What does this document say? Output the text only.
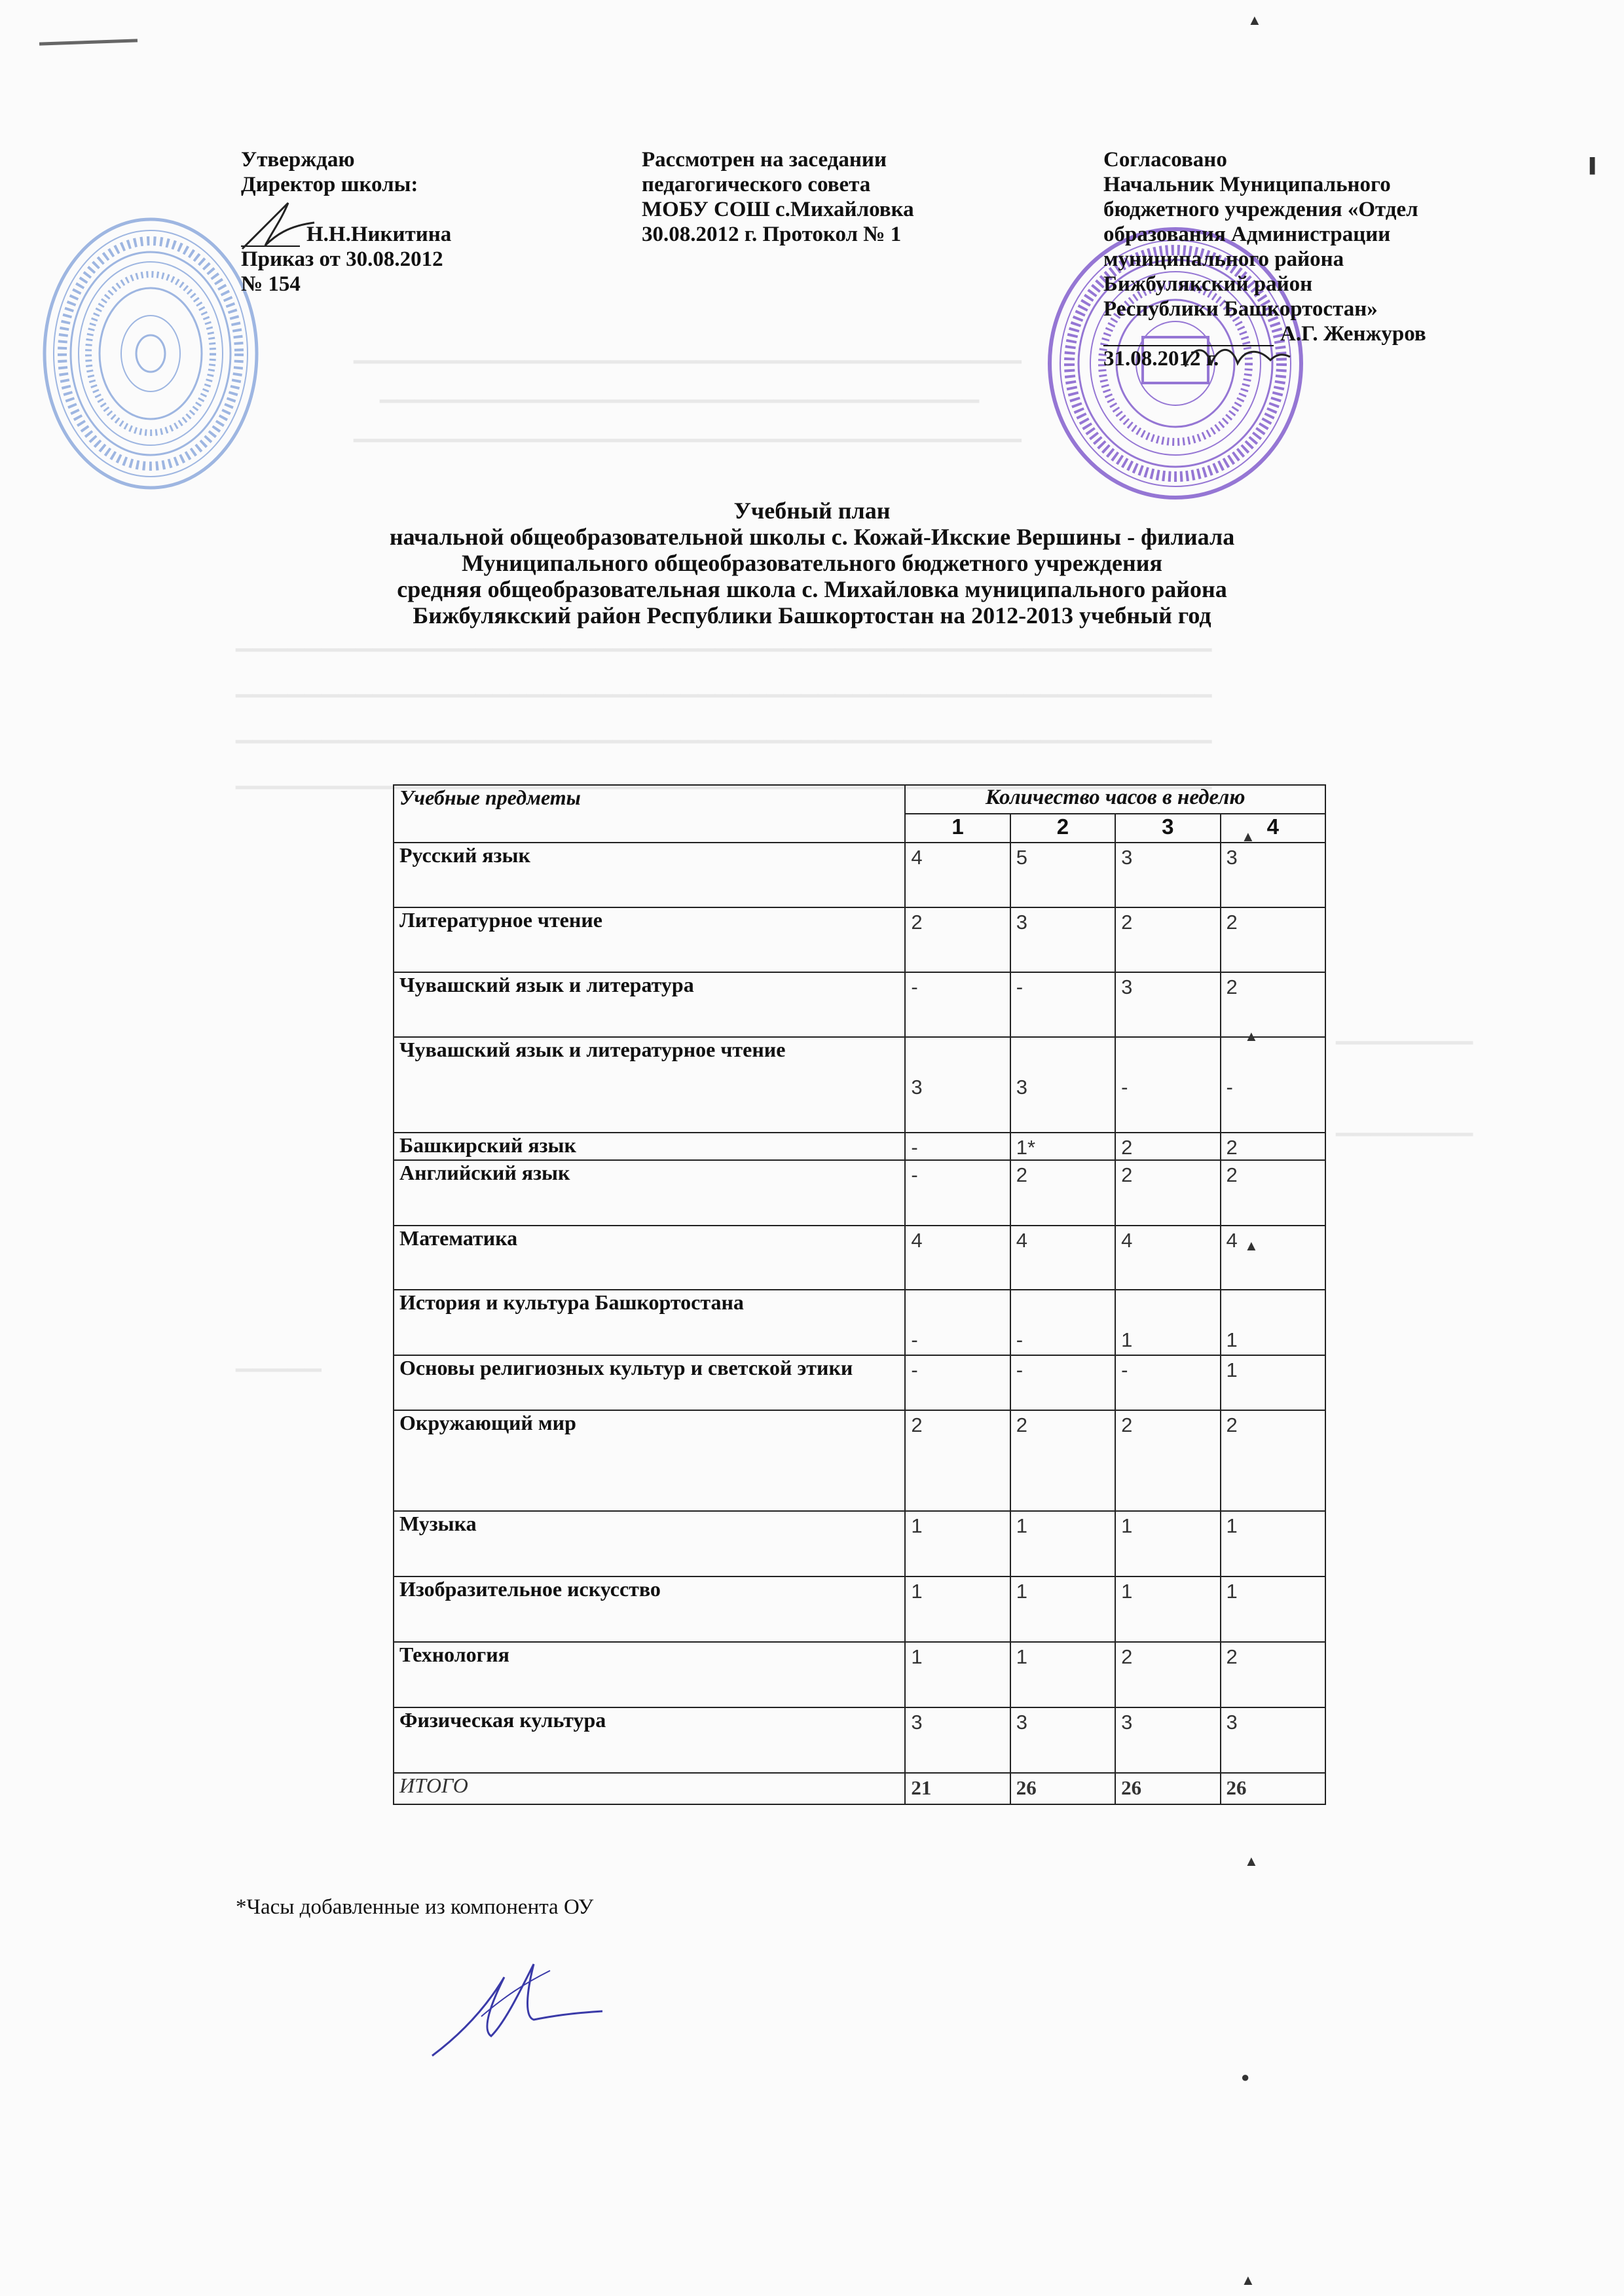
▁▁▁▁▁▁▁▁▁▁▁▁▁▁▁▁▁▁▁▁▁▁▁▁▁▁▁▁▁▁▁▁▁▁▁▁▁▁▁
▁▁▁▁▁▁▁▁▁▁▁▁▁▁▁▁▁▁▁▁▁▁▁▁▁▁▁▁▁▁▁▁▁▁▁
▁▁▁▁▁▁▁▁▁▁▁▁▁▁▁▁▁▁▁▁▁▁▁▁▁▁▁▁▁▁▁▁▁▁▁▁▁▁▁
▁▁▁▁▁▁▁▁▁▁▁▁▁▁▁▁▁▁▁▁▁▁▁▁▁▁▁▁▁▁▁▁▁▁▁▁▁▁▁▁▁▁▁▁▁▁▁▁▁▁▁▁▁▁▁▁▁
▁▁▁▁▁▁▁▁▁▁▁▁▁▁▁▁▁▁▁▁▁▁▁▁▁▁▁▁▁▁▁▁▁▁▁▁▁▁▁▁▁▁▁▁▁▁▁▁▁▁▁▁▁▁▁▁▁
▁▁▁▁▁▁▁▁▁▁▁▁▁▁▁▁▁▁▁▁▁▁▁▁▁▁▁▁▁▁▁▁▁▁▁▁▁▁▁▁▁▁▁▁▁▁▁▁▁▁▁▁▁▁▁▁▁
▁▁▁▁▁▁▁▁▁▁▁▁▁▁▁▁▁▁▁▁▁▁▁▁▁▁▁▁▁▁▁▁▁▁▁▁▁▁▁▁▁▁▁▁▁▁▁▁▁▁▁▁▁▁▁▁▁
▁▁▁▁▁▁▁▁
▁▁▁▁▁▁▁▁
▁▁▁▁▁
Утверждаю
Директор школы:
Н.Н.Никитина
Приказ от 30.08.2012
№ 154
Рассмотрен на заседании
педагогического совета
МОБУ СОШ с.Михайловка
30.08.2012 г. Протокол № 1
Согласовано
Начальник Муниципального
бюджетного учреждения «Отдел
образования Администрации
муниципального района
Бижбулякский район
Республики Башкортостан»
А.Г. Женжуров
31.08.2012 г.
Учебный план
начальной общеобразовательной школы с. Кожай-Икские Вершины - филиала
Муниципального общеобразовательного бюджетного учреждения
средняя общеобразовательная школа с. Михайловка муниципального района
Бижбулякский район Республики Башкортостан на 2012-2013 учебный год
Учебные предметы	Количество часов в неделю			
	1	2	3	4
Русский язык	4	5	3	3
Литературное чтение	2	3	2	2
Чувашский язык и литература	-	-	3	2
Чувашский язык и литературное чтение	3	3	-	-
Башкирский язык	-	1*	2	2
Английский язык	-	2	2	2
Математика	4	4	4	4
История и культура Башкортостана	-	-	1	1
Основы религиозных культур и светской этики	-	-	-	1
Окружающий мир	2	2	2	2
Музыка	1	1	1	1
Изобразительное искусство	1	1	1	1
Технология	1	1	2	2
Физическая культура	3	3	3	3
ИТОГО	21	26	26	26
*Часы добавленные из компонента ОУ
▲
▐
▲
▲
▲
▲
●
▲
